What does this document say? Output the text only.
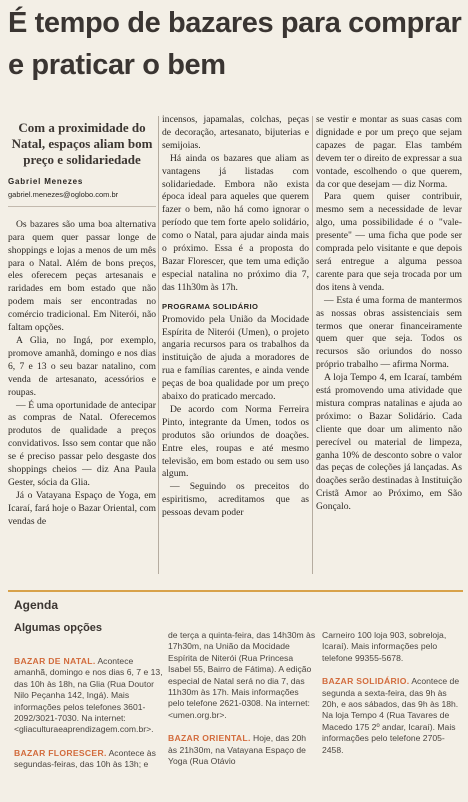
É tempo de bazares para comprar e praticar o bem
Com a proximidade do Natal, espaços aliam bom preço e solidariedade
Gabriel Menezes
gabriel.menezes@oglobo.com.br

Os bazares são uma boa alternativa para quem quer passar longe de shoppings e lojas a menos de um mês para o Natal. Além de bons preços, eles oferecem peças artesanais e raridades em bom estado que não podem mais ser encontradas no comércio tradicional. Em Niterói, não faltam opções.

A Glia, no Ingá, por exemplo, promove amanhã, domingo e nos dias 6, 7 e 13 o seu bazar natalino, com venda de artesanato, acessórios e roupas.

— É uma oportunidade de antecipar as compras de Natal. Oferecemos produtos de qualidade a preços convidativos. Isso sem contar que não se é preciso passar pelo desgaste dos shoppings cheios — diz Ana Paula Gester, sócia da Glia.

Já o Vatayana Espaço de Yoga, em Icaraí, fará hoje o Bazar Oriental, com vendas de

incensos, japamalas, colchas, peças de decoração, artesanato, bijuterias e semijoias.

Há ainda os bazares que aliam as vantagens já listadas com solidariedade. Embora não exista época ideal para aqueles que querem fazer o bem, não há como ignorar o período que tem forte apelo solidário, como o Natal, para ajudar ainda mais o próximo. Essa é a proposta do Bazar Florescer, que tem uma edição especial natalina no próximo dia 7, das 11h30m às 17h.

PROGRAMA SOLIDÁRIO

Promovido pela União da Mocidade Espírita de Niterói (Umen), o projeto angaria recursos para os trabalhos da instituição de ajuda a moradores de rua e famílias carentes, e ainda vende peças de boa qualidade por um preço abaixo do praticado mercado.

De acordo com Norma Ferreira Pinto, integrante da Umen, todos os produtos são oriundos de doações. Entre eles, roupas e até mesmo televisão, em bom estado ou sem uso algum.

— Seguindo os preceitos do espiritismo, acreditamos que as pessoas devam poder

se vestir e montar as suas casas com dignidade e por um preço que sejam capazes de pagar. Elas também devem ter o direito de expressar a sua vontade, escolhendo o que querem, da cor que desejam — diz Norma.

Para quem quiser contribuir, mesmo sem a necessidade de levar algo, uma possibilidade é o "vale-presente" — uma ficha que pode ser comprada pelo visitante e que depois será entregue a alguma pessoa carente para que seja trocada por um dos itens à venda.

— Esta é uma forma de mantermos as nossas obras assistenciais sem termos que onerar financeiramente quem quer que seja. Todos os recursos são oriundos do nosso próprio trabalho — afirma Norma.

A loja Tempo 4, em Icaraí, também está promovendo uma atividade que mistura compras natalinas e ajuda ao próximo: o Bazar Solidário. Cada cliente que doar um alimento não perecível ou material de limpeza, ganha 10% de desconto sobre o valor das peças de coleções já lançadas. As doações serão destinadas à Instituição Cristã Amor ao Próximo, em São Gonçalo.

Agenda
Algumas opções
BAZAR DE NATAL. Acontece amanhã, domingo e nos dias 6, 7 e 13, das 10h às 18h, na Glia (Rua Doutor Nilo Peçanha 142, Ingá). Mais informações pelos telefones 3601-2092/3021-7030. Na internet: <gliaculturaeaprendizagem.com.br>.
BAZAR FLORESCER. Acontece às segundas-feiras, das 10h às 13h; e
de terça a quinta-feira, das 14h30m às 17h30m, na União da Mocidade Espírita de Niterói (Rua Princesa Isabel 55, Bairro de Fátima). A edição especial de Natal será no dia 7, das 11h30m às 17h. Mais informações pelo telefone 2621-0308. Na internet: <umen.org.br>.
BAZAR ORIENTAL. Hoje, das 20h às 21h30m, na Vatayana Espaço de Yoga (Rua Otávio
Carneiro 100 loja 903, sobreloja, Icaraí). Mais informações pelo telefone 99355-5678.
BAZAR SOLIDÁRIO. Acontece de segunda a sexta-feira, das 9h às 20h, e aos sábados, das 9h às 18h. Na loja Tempo 4 (Rua Tavares de Macedo 175 2º andar, Icaraí). Mais informações pelo telefone 2705-2458.
